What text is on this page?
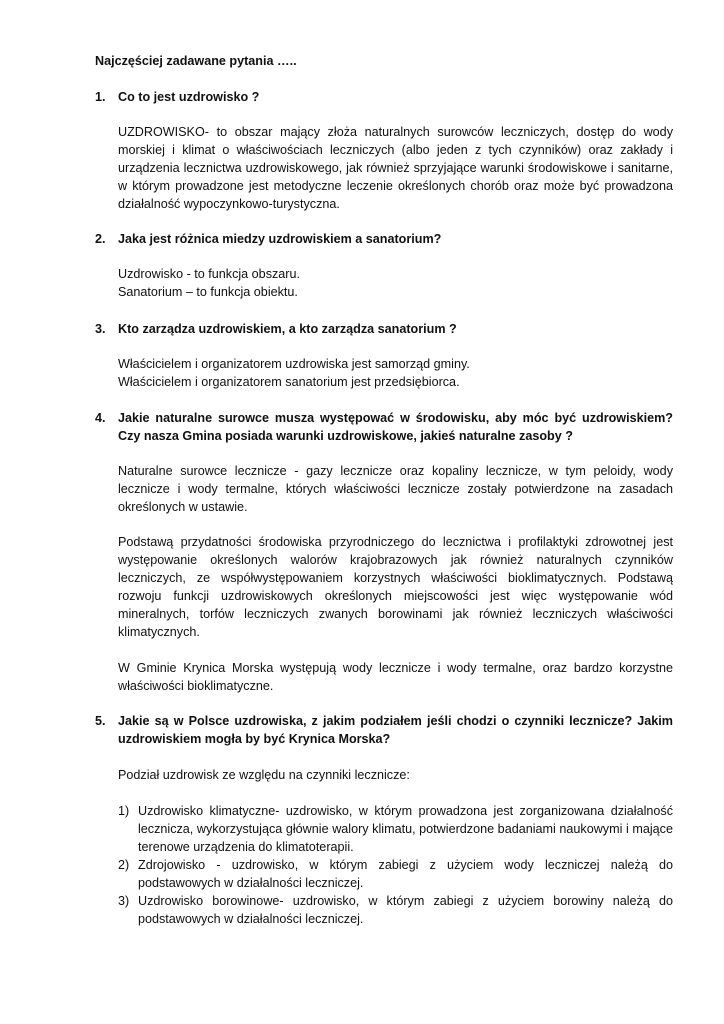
Najczęściej zadawane pytania …..
1. Co to jest uzdrowisko ?
UZDROWISKO- to obszar mający złoża naturalnych surowców leczniczych, dostęp do wody morskiej i klimat o właściwościach leczniczych (albo jeden z tych czynników) oraz zakłady i urządzenia lecznictwa uzdrowiskowego, jak również sprzyjające warunki środowiskowe i sanitarne, w którym prowadzone jest metodyczne leczenie określonych chorób oraz może być prowadzona działalność wypoczynkowo-turystyczna.
2. Jaka jest różnica miedzy uzdrowiskiem a sanatorium?
Uzdrowisko - to funkcja obszaru.
Sanatorium – to funkcja obiektu.
3. Kto zarządza uzdrowiskiem, a kto zarządza sanatorium ?
Właścicielem i organizatorem uzdrowiska jest samorząd gminy.
Właścicielem i organizatorem sanatorium jest przedsiębiorca.
4. Jakie naturalne surowce musza występować w środowisku, aby móc być uzdrowiskiem? Czy nasza Gmina posiada warunki uzdrowiskowe, jakieś naturalne zasoby ?
Naturalne surowce lecznicze - gazy lecznicze oraz kopaliny lecznicze, w tym peloidy, wody lecznicze i wody termalne, których właściwości lecznicze zostały potwierdzone na zasadach określonych w ustawie.
Podstawą przydatności środowiska przyrodniczego do lecznictwa i profilaktyki zdrowotnej jest występowanie określonych walorów krajobrazowych jak również naturalnych czynników leczniczych, ze współwystępowaniem korzystnych właściwości bioklimatycznych. Podstawą rozwoju funkcji uzdrowiskowych określonych miejscowości jest więc występowanie wód mineralnych, torfów leczniczych zwanych borowinami jak również leczniczych właściwości klimatycznych.
W Gminie Krynica Morska występują wody lecznicze i wody termalne, oraz bardzo korzystne właściwości bioklimatyczne.
5. Jakie są w Polsce uzdrowiska, z jakim podziałem jeśli chodzi o czynniki lecznicze? Jakim uzdrowiskiem mogła by być Krynica Morska?
Podział uzdrowisk ze względu na czynniki lecznicze:
1) Uzdrowisko klimatyczne- uzdrowisko, w którym prowadzona jest zorganizowana działalność lecznicza, wykorzystująca głównie walory klimatu, potwierdzone badaniami naukowymi i mające terenowe urządzenia do klimatoterapii.
2) Zdrojowisko - uzdrowisko, w którym zabiegi z użyciem wody leczniczej należą do podstawowych w działalności leczniczej.
3) Uzdrowisko borowinowe- uzdrowisko, w którym zabiegi z użyciem borowiny należą do podstawowych w działalności leczniczej.
